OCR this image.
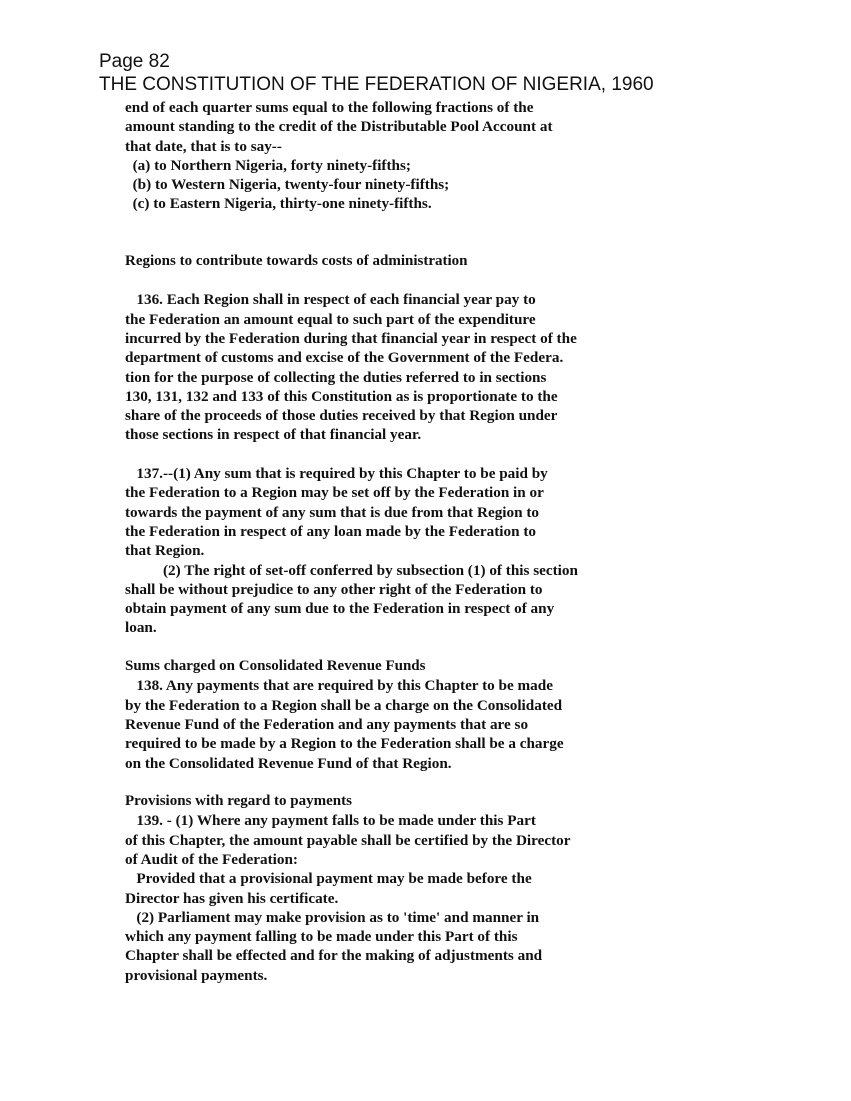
Page 82
THE CONSTITUTION OF THE FEDERATION OF NIGERIA, 1960
end of each quarter sums equal to the following fractions of the
amount standing to the credit of the Distributable Pool Account at
that date, that is to say--
(a) to Northern Nigeria, forty ninety-fifths;
(b) to Western Nigeria, twenty-four ninety-fifths;
(c) to Eastern Nigeria, thirty-one ninety-fifths.
Regions to contribute towards costs of administration
136. Each Region shall in respect of each financial year pay to
the Federation an amount equal to such part of the expenditure
incurred by the Federation during that financial year in respect of the
department of customs and excise of the Government of the Federa.
tion for the purpose of collecting the duties referred to in sections
130, 131, 132 and 133 of this Constitution as is proportionate to the
share of the proceeds of those duties received by that Region under
those sections in respect of that financial year.
137.--(1) Any sum that is required by this Chapter to be paid by
the Federation to a Region may be set off by the Federation in or
towards the payment of any sum that is due from that Region to
the Federation in respect of any loan made by the Federation to
that Region.
(2) The right of set-off conferred by subsection (1) of this section
shall be without prejudice to any other right of the Federation to
obtain payment of any sum due to the Federation in respect of any
loan.
Sums charged on Consolidated Revenue Funds
138. Any payments that are required by this Chapter to be made
by the Federation to a Region shall be a charge on the Consolidated
Revenue Fund of the Federation and any payments that are so
required to be made by a Region to the Federation shall be a charge
on the Consolidated Revenue Fund of that Region.
Provisions with regard to payments
139. - (1) Where any payment falls to be made under this Part
of this Chapter, the amount payable shall be certified by the Director
of Audit of the Federation:
Provided that a provisional payment may be made before the
Director has given his certificate.
(2) Parliament may make provision as to 'time' and manner in
which any payment falling to be made under this Part of this
Chapter shall be effected and for the making of adjustments and
provisional payments.
